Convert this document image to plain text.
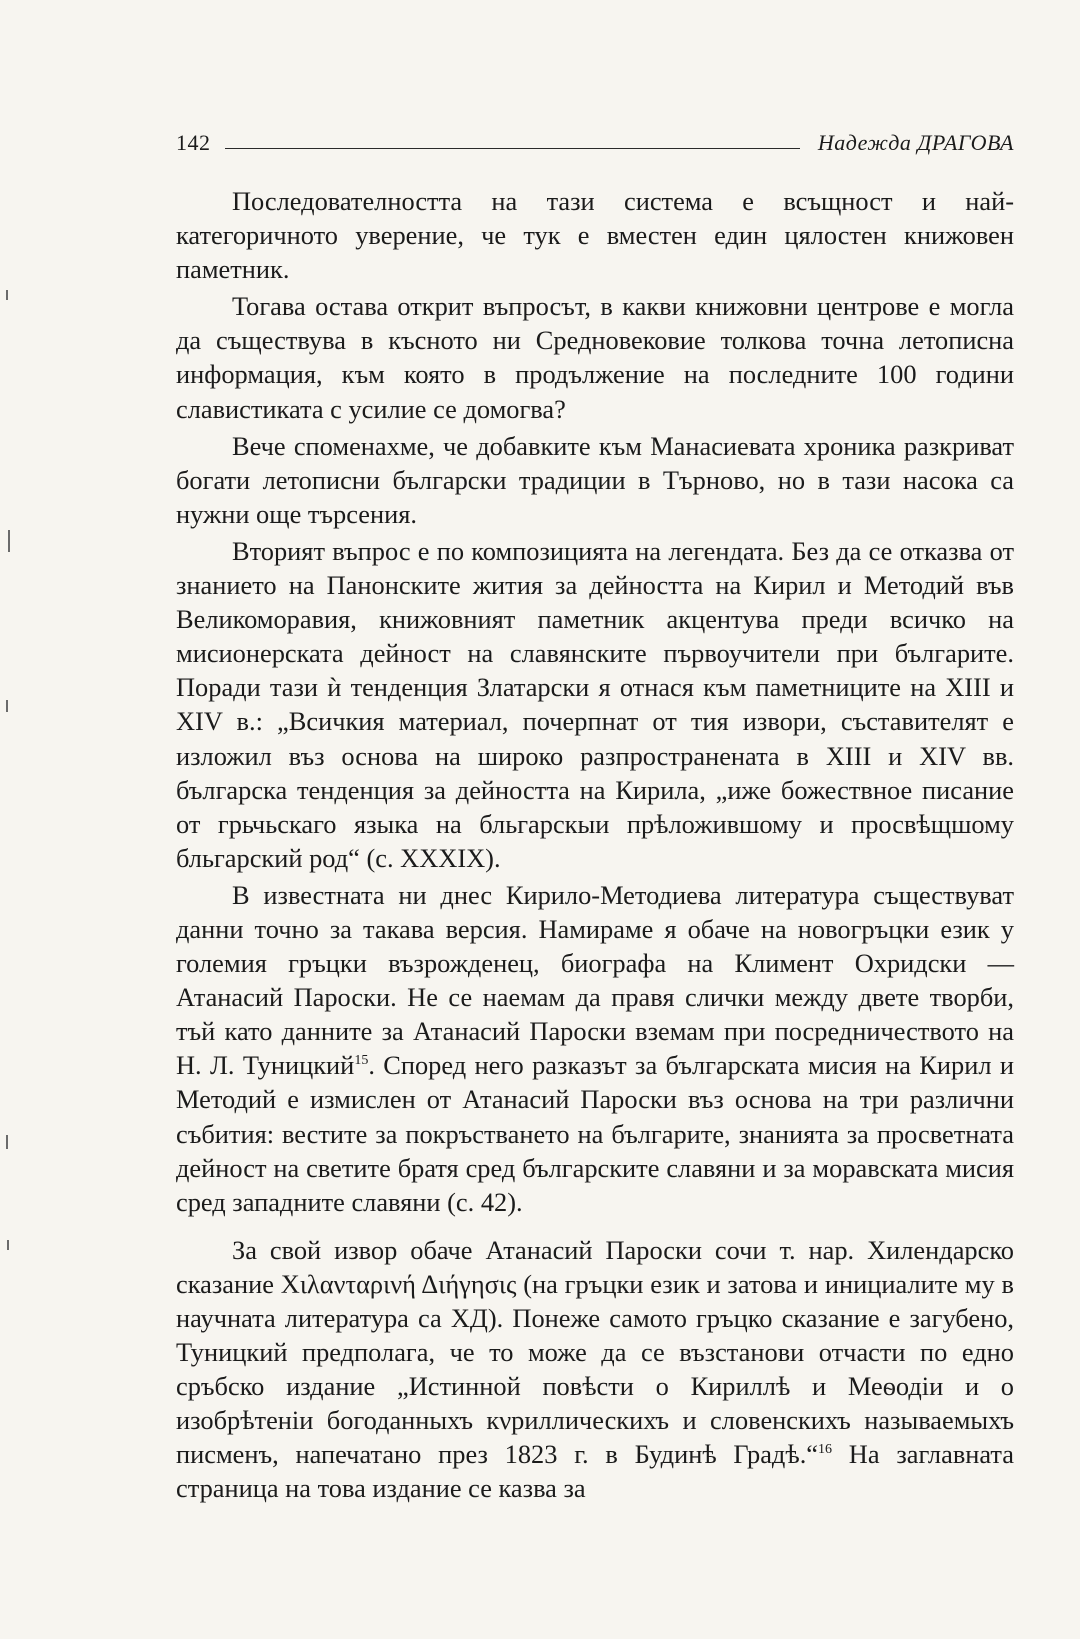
142	Надежда ДРАГОВА

Последователността на тази система е всъщност и най-категоричното уверение, че тук е вместен един цялостен книжовен паметник.

Тогава остава открит въпросът, в какви книжовни центрове е могла да съществува в късното ни Средновековие толкова точна летописна информация, към която в продължение на последните 100 години славистиката с усилие се домогва?

Вече споменахме, че добавките към Манасиевата хроника разкриват богати летописни български традиции в Търново, но в тази насока са нужни още търсения.

Вторият въпрос е по композицията на легендата. Без да се отказва от знанието на Панонските жития за дейността на Кирил и Методий във Великоморавия, книжовният паметник акцентува преди всичко на мисионерската дейност на славянските първоучители при българите. Поради тази ѝ тенденция Златарски я отнася към паметниците на XIII и XIV в.: „Всичкия материал, почерпнат от тия извори, съставителят е изложил въз основа на широко разпространената в XIII и XIV вв. българска тенденция за дейността на Кирила, „иже божествное писание от грьчьскаго языка на бльгарскыи прѣложившому и просвѣщшому бльгарский род“ (с. XXXIX).

В известната ни днес Кирило-Методиева литература съществуват данни точно за такава версия. Намираме я обаче на новогръцки език у големия гръцки възрожденец, биографа на Климент Охридски — Атанасий Пароски. Не се наемам да правя слички между двете творби, тъй като данните за Атанасий Пароски вземам при посредничеството на Н. Л. Туницкий$^{15}$. Според него разказът за българската мисия на Кирил и Методий е измислен от Атанасий Пароски въз основа на три различни събития: вестите за покръстването на българите, знанията за просветната дейност на светите братя сред българските славяни и за моравската мисия сред западните славяни (с. 42).

За свой извор обаче Атанасий Пароски сочи т. нар. Хилендарско сказание Χιλανταρινή Διήγησις (на гръцки език и затова и инициалите му в научната литература са ХД). Понеже самото гръцко сказание е загубено, Туницкий предполага, че то може да се възстанови отчасти по едно сръбско издание „Истинной повѣсти о Кириллѣ и Меѳодіи и о изобрѣтеніи богоданныхъ кνриллическихъ и словенскихъ называемыхъ писменъ, напечатано през 1823 г. в Будинѣ Градѣ.“$^{16}$ На заглавната страница на това издание се казва за
